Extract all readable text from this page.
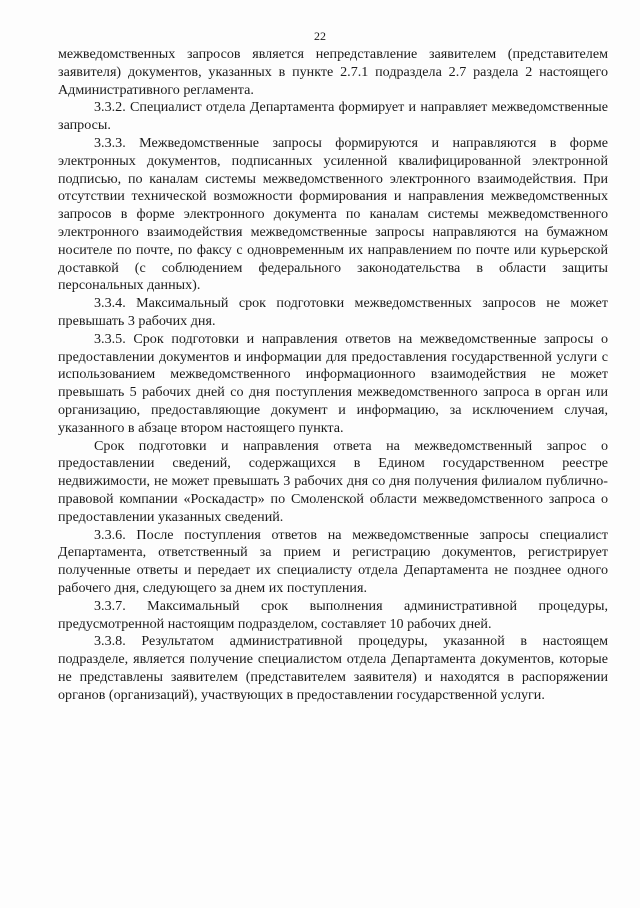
22

межведомственных запросов является непредставление заявителем (представителем заявителя) документов, указанных в пункте 2.7.1 подраздела 2.7 раздела 2 настоящего Административного регламента.

3.3.2. Специалист отдела Департамента формирует и направляет межведомственные запросы.

3.3.3. Межведомственные запросы формируются и направляются в форме электронных документов, подписанных усиленной квалифицированной электронной подписью, по каналам системы межведомственного электронного взаимодействия. При отсутствии технической возможности формирования и направления межведомственных запросов в форме электронного документа по каналам системы межведомственного электронного взаимодействия межведомственные запросы направляются на бумажном носителе по почте, по факсу с одновременным их направлением по почте или курьерской доставкой (с соблюдением федерального законодательства в области защиты персональных данных).

3.3.4. Максимальный срок подготовки межведомственных запросов не может превышать 3 рабочих дня.

3.3.5. Срок подготовки и направления ответов на межведомственные запросы о предоставлении документов и информации для предоставления государственной услуги с использованием межведомственного информационного взаимодействия не может превышать 5 рабочих дней со дня поступления межведомственного запроса в орган или организацию, предоставляющие документ и информацию, за исключением случая, указанного в абзаце втором настоящего пункта.

Срок подготовки и направления ответа на межведомственный запрос о предоставлении сведений, содержащихся в Едином государственном реестре недвижимости, не может превышать 3 рабочих дня со дня получения филиалом публично-правовой компании «Роскадастр» по Смоленской области межведомственного запроса о предоставлении указанных сведений.

3.3.6. После поступления ответов на межведомственные запросы специалист Департамента, ответственный за прием и регистрацию документов, регистрирует полученные ответы и передает их специалисту отдела Департамента не позднее одного рабочего дня, следующего за днем их поступления.

3.3.7. Максимальный срок выполнения административной процедуры, предусмотренной настоящим подразделом, составляет 10 рабочих дней.

3.3.8. Результатом административной процедуры, указанной в настоящем подразделе, является получение специалистом отдела Департамента документов, которые не представлены заявителем (представителем заявителя) и находятся в распоряжении органов (организаций), участвующих в предоставлении государственной услуги.
